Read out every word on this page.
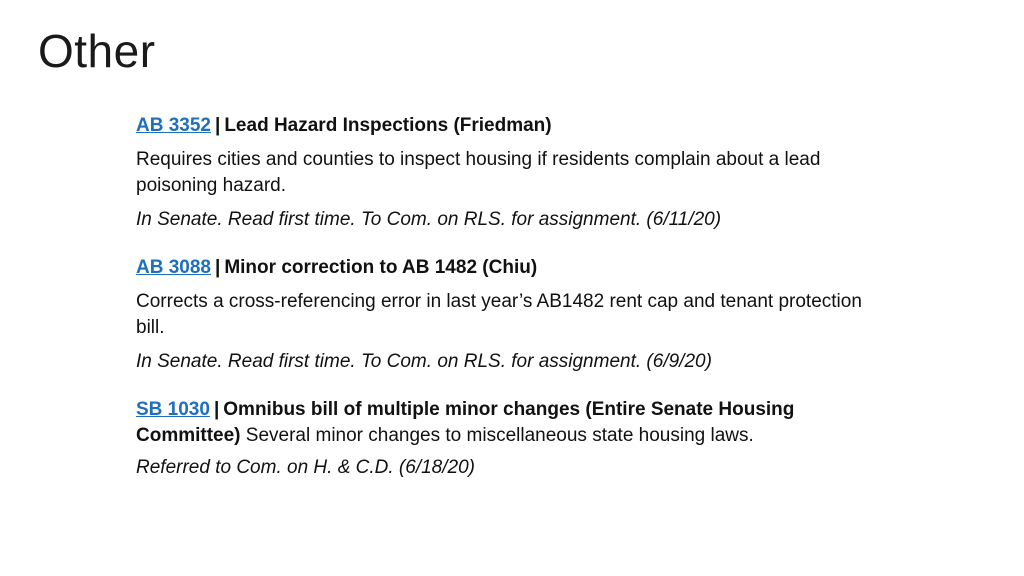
Other
AB 3352 | Lead Hazard Inspections (Friedman)
Requires cities and counties to inspect housing if residents complain about a lead poisoning hazard.
In Senate. Read first time. To Com. on RLS. for assignment. (6/11/20)
AB 3088 | Minor correction to AB 1482 (Chiu)
Corrects a cross-referencing error in last year’s AB1482 rent cap and tenant protection bill.
In Senate. Read first time. To Com. on RLS. for assignment. (6/9/20)
SB 1030 | Omnibus bill of multiple minor changes (Entire Senate Housing Committee) Several minor changes to miscellaneous state housing laws.
Referred to Com. on H. & C.D. (6/18/20)
